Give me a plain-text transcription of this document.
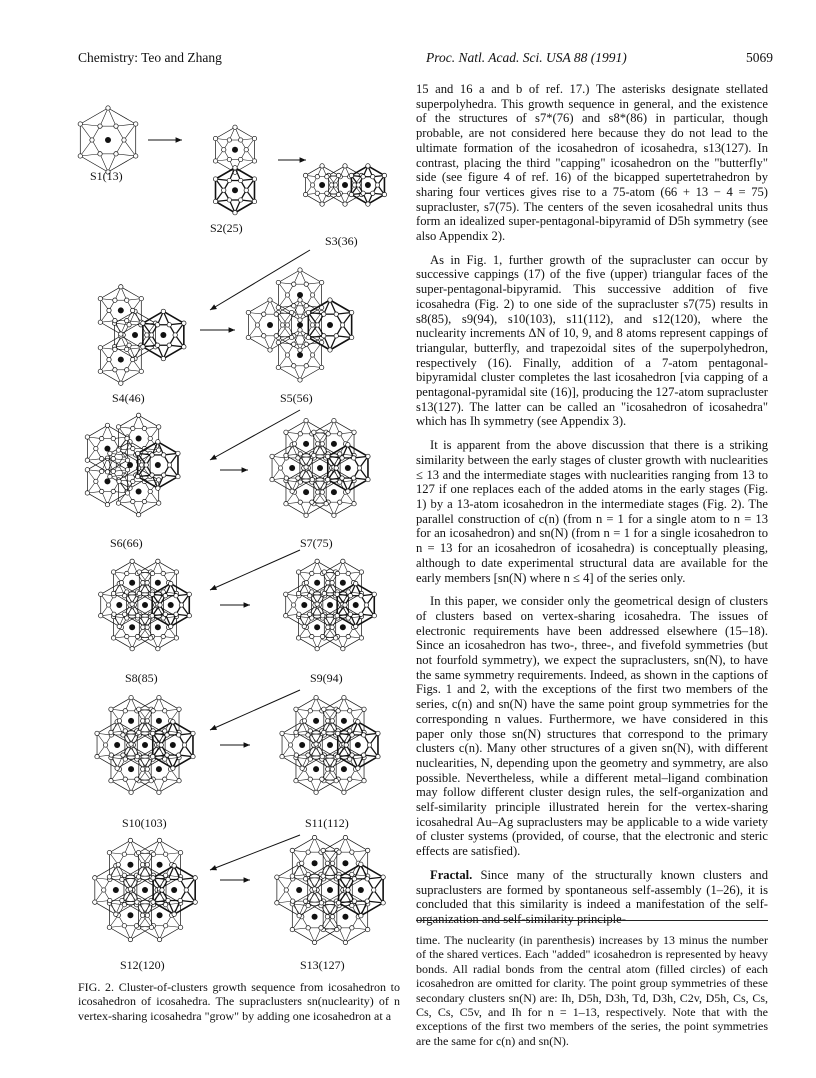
Chemistry: Teo and Zhang	Proc. Natl. Acad. Sci. USA 88 (1991)	5069
S1(13)
S2(25)
S3(36)
S4(46)	S5(56)
S6(66)	S7(75)
S8(85)	S9(94)
S10(103)	S11(112)
S12(120)	S13(127)

15 and 16 a and b of ref. 17.) The asterisks designate stellated superpolyhedra. This growth sequence in general, and the existence of the structures of s7*(76) and s8*(86) in particular, though probable, are not considered here because they do not lead to the ultimate formation of the icosahedron of icosahedra, s13(127). In contrast, placing the third "capping" icosahedron on the "butterfly" side (see figure 4 of ref. 16) of the bicapped supertetrahedron by sharing four vertices gives rise to a 75-atom (66 + 13 − 4 = 75) supracluster, s7(75). The centers of the seven icosahedral units thus form an idealized super-pentagonal-bipyramid of D5h symmetry (see also Appendix 2).

As in Fig. 1, further growth of the supracluster can occur by successive cappings (17) of the five (upper) triangular faces of the super-pentagonal-bipyramid. This successive addition of five icosahedra (Fig. 2) to one side of the supracluster s7(75) results in s8(85), s9(94), s10(103), s11(112), and s12(120), where the nuclearity increments ΔN of 10, 9, and 8 atoms represent cappings of triangular, butterfly, and trapezoidal sites of the superpolyhedron, respectively (16). Finally, addition of a 7-atom pentagonal-bipyramidal cluster completes the last icosahedron [via capping of a pentagonal-pyramidal site (16)], producing the 127-atom supracluster s13(127). The latter can be called an "icosahedron of icosahedra" which has Ih symmetry (see Appendix 3).

It is apparent from the above discussion that there is a striking similarity between the early stages of cluster growth with nuclearities ≤ 13 and the intermediate stages with nuclearities ranging from 13 to 127 if one replaces each of the added atoms in the early stages (Fig. 1) by a 13-atom icosahedron in the intermediate stages (Fig. 2). The parallel construction of c(n) (from n = 1 for a single atom to n = 13 for an icosahedron) and sn(N) (from n = 1 for a single icosahedron to n = 13 for an icosahedron of icosahedra) is conceptually pleasing, although to date experimental structural data are available for the early members [sn(N) where n ≤ 4] of the series only.

In this paper, we consider only the geometrical design of clusters of clusters based on vertex-sharing icosahedra. The issues of electronic requirements have been addressed elsewhere (15–18). Since an icosahedron has two-, three-, and fivefold symmetries (but not fourfold symmetry), we expect the supraclusters, sn(N), to have the same symmetry requirements. Indeed, as shown in the captions of Figs. 1 and 2, with the exceptions of the first two members of the series, c(n) and sn(N) have the same point group symmetries for the corresponding n values. Furthermore, we have considered in this paper only those sn(N) structures that correspond to the primary clusters c(n). Many other structures of a given sn(N), with different nuclearities, N, depending upon the geometry and symmetry, are also possible. Nevertheless, while a different metal–ligand combination may follow different cluster design rules, the self-organization and self-similarity principle illustrated herein for the vertex-sharing icosahedral Au–Ag supraclusters may be applicable to a wide variety of cluster systems (provided, of course, that the electronic and steric effects are satisfied).

Fractal. Since many of the structurally known clusters and supraclusters are formed by spontaneous self-assembly (1–26), it is concluded that this similarity is indeed a manifestation of the self-organization and self-similarity principle-

time. The nuclearity (in parenthesis) increases by 13 minus the number of the shared vertices. Each "added" icosahedron is represented by heavy bonds. All radial bonds from the central atom (filled circles) of each icosahedron are omitted for clarity. The point group symmetries of these secondary clusters sn(N) are: Ih, D5h, D3h, Td, D3h, C2v, D5h, Cs, Cs, Cs, Cs, C5v, and Ih for n = 1–13, respectively. Note that with the exceptions of the first two members of the series, the point symmetries are the same for c(n) and sn(N).
FIG. 2. Cluster-of-clusters growth sequence from icosahedron to icosahedron of icosahedra. The supraclusters sn(nuclearity) of n vertex-sharing icosahedra "grow" by adding one icosahedron at a
